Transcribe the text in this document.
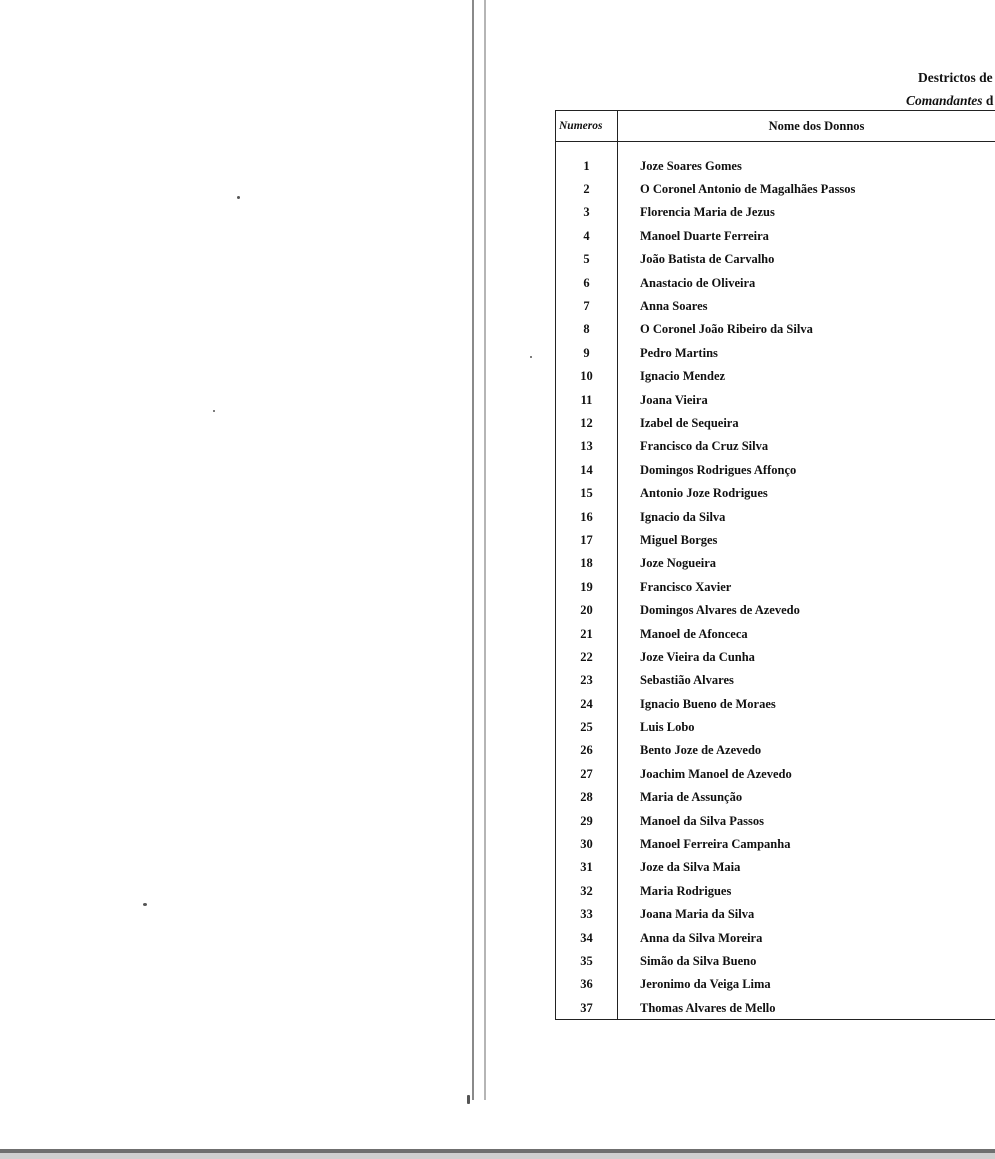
Destrictos de
Comandantes d
Numeros	Nome dos Donnos

1	Joze Soares Gomes
2	O Coronel Antonio de Magalhães Passos
3	Florencia Maria de Jezus
4	Manoel Duarte Ferreira
5	João Batista de Carvalho
6	Anastacio de Oliveira
7	Anna Soares
8	O Coronel João Ribeiro da Silva
9	Pedro Martins
10	Ignacio Mendez
11	Joana Vieira
12	Izabel de Sequeira
13	Francisco da Cruz Silva
14	Domingos Rodrigues Affonço
15	Antonio Joze Rodrigues
16	Ignacio da Silva
17	Miguel Borges
18	Joze Nogueira
19	Francisco Xavier
20	Domingos Alvares de Azevedo
21	Manoel de Afonceca
22	Joze Vieira da Cunha
23	Sebastião Alvares
24	Ignacio Bueno de Moraes
25	Luis Lobo
26	Bento Joze de Azevedo
27	Joachim Manoel de Azevedo
28	Maria de Assunção
29	Manoel da Silva Passos
30	Manoel Ferreira Campanha
31	Joze da Silva Maia
32	Maria Rodrigues
33	Joana Maria da Silva
34	Anna da Silva Moreira
35	Simão da Silva Bueno
36	Jeronimo da Veiga Lima
37	Thomas Alvares de Mello
